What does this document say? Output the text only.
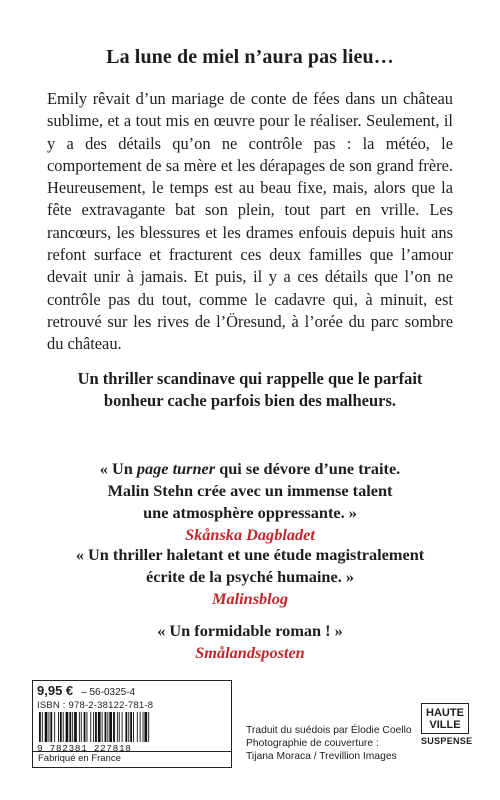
La lune de miel n’aura pas lieu…
Emily rêvait d’un mariage de conte de fées dans un château sublime, et a tout mis en œuvre pour le réaliser. Seulement, il y a des détails qu’on ne contrôle pas : la météo, le comportement de sa mère et les dérapages de son grand frère. Heureusement, le temps est au beau fixe, mais, alors que la fête extravagante bat son plein, tout part en vrille. Les rancœurs, les blessures et les drames enfouis depuis huit ans refont surface et fracturent ces deux familles que l’amour devait unir à jamais. Et puis, il y a ces détails que l’on ne contrôle pas du tout, comme le cadavre qui, à minuit, est retrouvé sur les rives de l’Öresund, à l’orée du parc sombre du château.
Un thriller scandinave qui rappelle que le parfait
bonheur cache parfois bien des malheurs.
« Un page turner qui se dévore d’une traite.
Malin Stehn crée avec un immense talent
une atmosphère oppressante. »
Skånska Dagbladet
« Un thriller haletant et une étude magistralement
écrite de la psyché humaine. »
Malinsblog
« Un formidable roman ! »
Smålandsposten
9,95 € – 56-0325-4
ISBN : 978-2-38122-781-8
9 782381 227818
Fabriqué en France
Traduit du suédois par Élodie Coello
Photographie de couverture :
Tijana Moraca / Trevillion Images
HAUTE
VILLE
SUSPENSE
